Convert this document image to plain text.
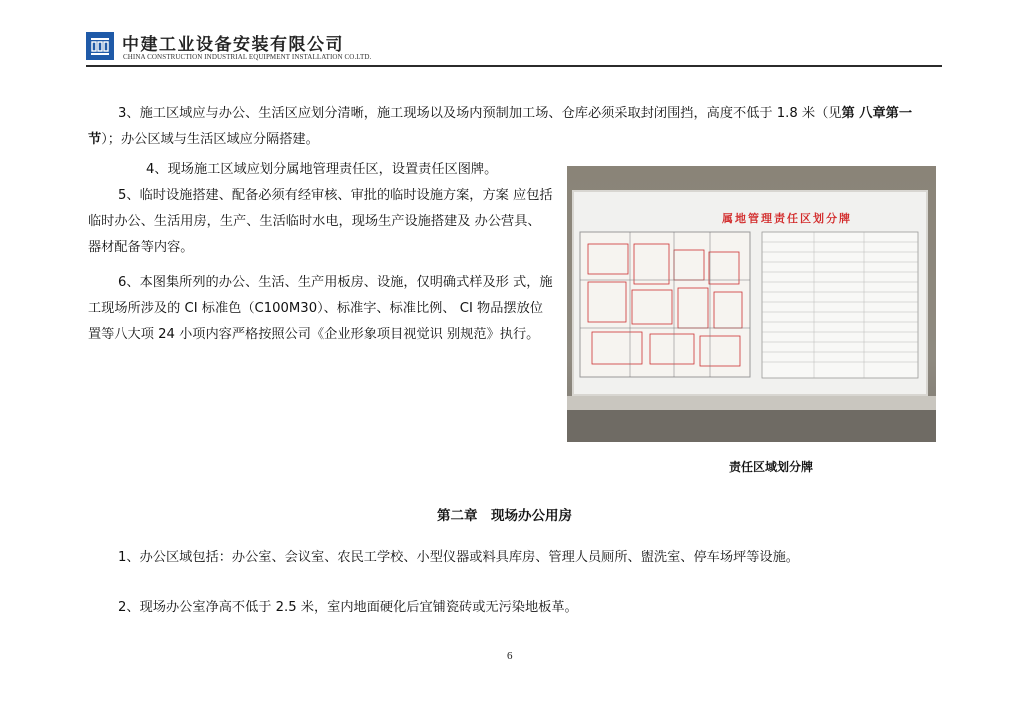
中建工业设备安装有限公司
CHINA CONSTRUCTION INDUSTRIAL EQUIPMENT INSTALLATION CO.LTD.
3、施工区域应与办公、生活区应划分清晰，施工现场以及场内预制加工场、仓库必须采取封闭围挡，高度不低于 1.8 米（见第 八章第一节）；办公区域与生活区域应分隔搭建。
4、现场施工区域应划分属地管理责任区，设置责任区图牌。
5、临时设施搭建、配备必须有经审核、审批的临时设施方案，方案 应包括临时办公、生活用房，生产、生活临时水电，现场生产设施搭建及 办公营具、器材配备等内容。
6、本图集所列的办公、生活、生产用板房、设施，仅明确式样及形 式，施工现场所涉及的 CI 标准色（C100M30）、标准字、标准比例、 CI 物品摆放位置等八大项 24 小项内容严格按照公司《企业形象项目视觉识 别规范》执行。
属地管理责任区划分牌
责任区域划分牌
第二章　现场办公用房
1、办公区域包括：办公室、会议室、农民工学校、小型仪器或料具库房、管理人员厕所、盥洗室、停车场坪等设施。
2、现场办公室净高不低于 2.5 米，室内地面硬化后宜铺瓷砖或无污染地板革。
6
